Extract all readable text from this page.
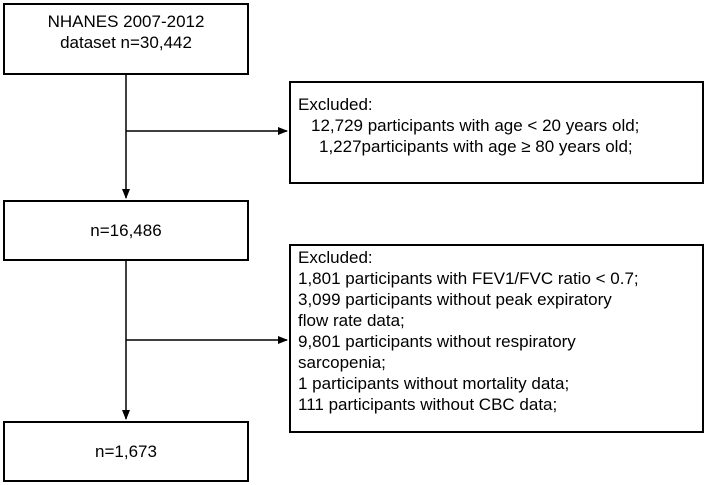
NHANES 2007-2012
dataset n=30,442
Excluded:
12,729 participants with age < 20 years old;
1,227participants with age ≥ 80 years old;
n=16,486
Excluded:
1,801 participants with FEV1/FVC ratio < 0.7;
3,099 participants without peak expiratory
flow rate data;
9,801 participants without respiratory
sarcopenia;
1 participants without mortality data;
111 participants without CBC data;
n=1,673
